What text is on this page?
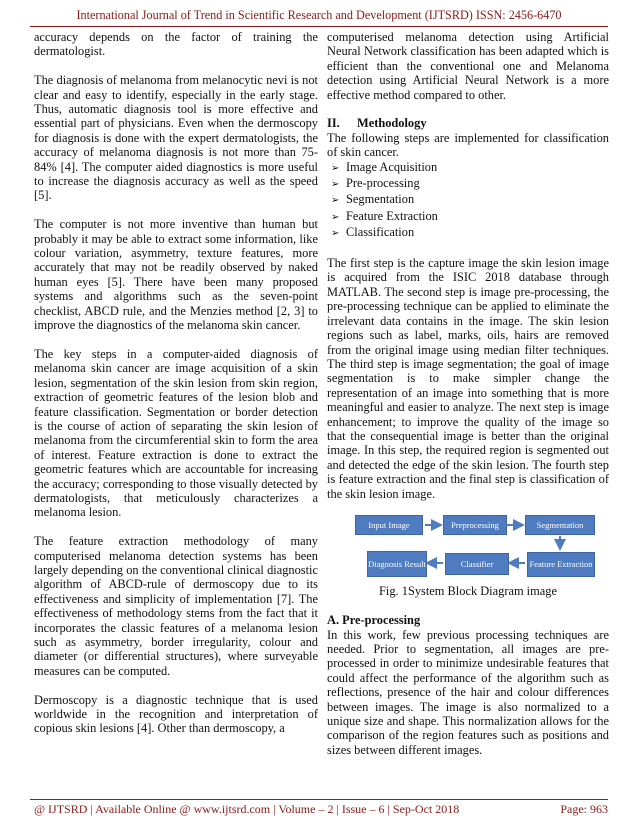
International Journal of Trend in Scientific Research and Development (IJTSRD) ISSN: 2456-6470

accuracy depends on the factor of training the dermatologist.

The diagnosis of melanoma from melanocytic nevi is not clear and easy to identify, especially in the early stage. Thus, automatic diagnosis tool is more effective and essential part of physicians. Even when the dermoscopy for diagnosis is done with the expert dermatologists, the accuracy of melanoma diagnosis is not more than 75-84% [4]. The computer aided diagnostics is more useful to increase the diagnosis accuracy as well as the speed [5].

The computer is not more inventive than human but probably it may be able to extract some information, like colour variation, asymmetry, texture features, more accurately that may not be readily observed by naked human eyes [5]. There have been many proposed systems and algorithms such as the seven-point checklist, ABCD rule, and the Menzies method [2, 3] to improve the diagnostics of the melanoma skin cancer.

The key steps in a computer-aided diagnosis of melanoma skin cancer are image acquisition of a skin lesion, segmentation of the skin lesion from skin region, extraction of geometric features of the lesion blob and feature classification. Segmentation or border detection is the course of action of separating the skin lesion of melanoma from the circumferential skin to form the area of interest. Feature extraction is done to extract the geometric features which are accountable for increasing the accuracy; corresponding to those visually detected by dermatologists, that meticulously characterizes a melanoma lesion.

The feature extraction methodology of many computerised melanoma detection systems has been largely depending on the conventional clinical diagnostic algorithm of ABCD-rule of dermoscopy due to its effectiveness and simplicity of implementation [7]. The effectiveness of methodology stems from the fact that it incorporates the classic features of a melanoma lesion such as asymmetry, border irregularity, colour and diameter (or differential structures), where surveyable measures can be computed.

Dermoscopy is a diagnostic technique that is used worldwide in the recognition and interpretation of copious skin lesions [4]. Other than dermoscopy, a

computerised melanoma detection using Artificial Neural Network classification has been adapted which is efficient than the conventional one and Melanoma detection using Artificial Neural Network is a more effective method compared to other.

II. Methodology

The following steps are implemented for classification of skin cancer.

➢ Image Acquisition
➢ Pre-processing
➢ Segmentation
➢ Feature Extraction
➢ Classification

The first step is the capture image the skin lesion image is acquired from the ISIC 2018 database through MATLAB. The second step is image pre-processing, the pre-processing technique can be applied to eliminate the irrelevant data contains in the image. The skin lesion regions such as label, marks, oils, hairs are removed from the original image using median filter techniques. The third step is image segmentation; the goal of image segmentation is to make simpler change the representation of an image into something that is more meaningful and easier to analyze. The next step is image enhancement; to improve the quality of the image so that the consequential image is better than the original image. In this step, the required region is segmented out and detected the edge of the skin lesion. The fourth step is feature extraction and the final step is classification of the skin lesion image.

Input Image	Preprocessing	Segmentation
Feature Extraction
Classifier
Diagnosis Result

Fig. 1System Block Diagram image

A. Pre-processing

In this work, few previous processing techniques are needed. Prior to segmentation, all images are pre-processed in order to minimize undesirable features that could affect the performance of the algorithm such as reflections, presence of the hair and colour differences between images. The image is also normalized to a unique size and shape. This normalization allows for the comparison of the region features such as positions and sizes between different images.

@ IJTSRD | Available Online @ www.ijtsrd.com | Volume – 2 | Issue – 6 | Sep-Oct 2018	Page: 963
